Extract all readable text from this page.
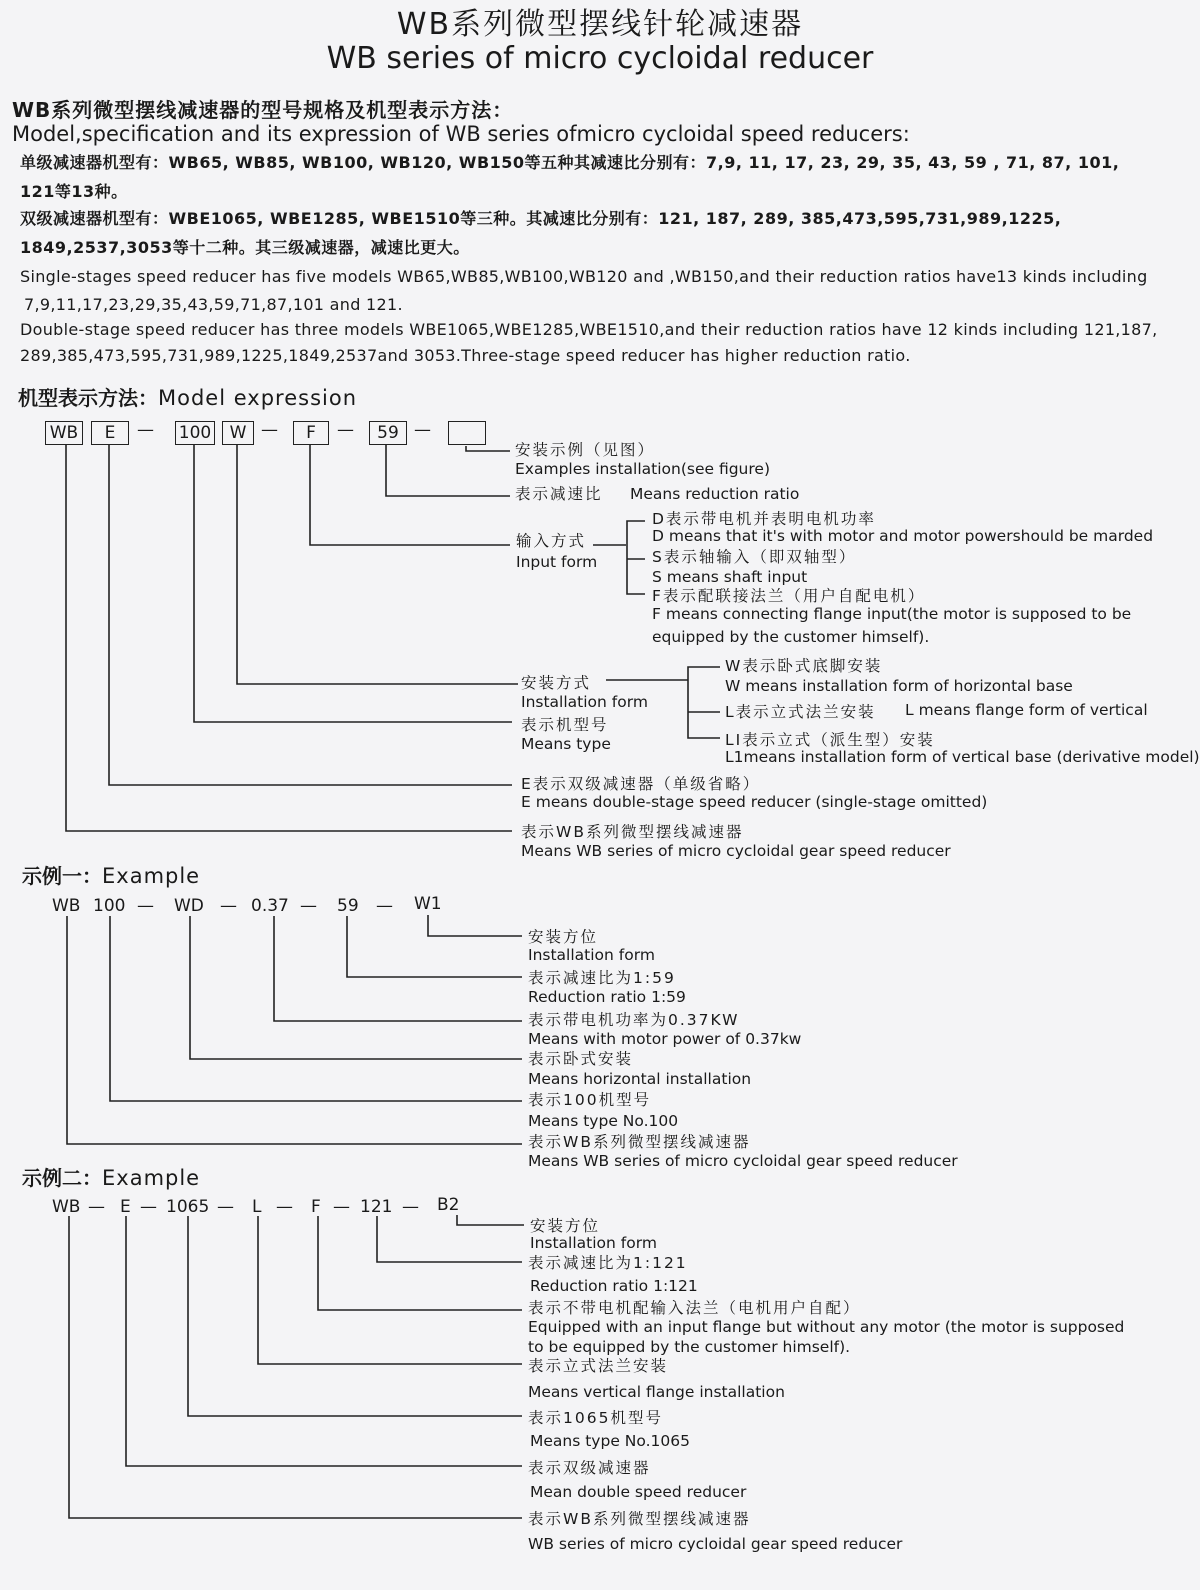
WB系列微型摆线针轮减速器
WB series of micro cycloidal reducer
WB系列微型摆线减速器的型号规格及机型表示方法：
Model,specification and its expression of WB series ofmicro cycloidal speed reducers:
单级减速器机型有：WB65, WB85, WB100, WB120, WB150等五种其减速比分别有：7,9, 11, 17, 23, 29, 35, 43, 59 , 71, 87, 101,
121等13种。
双级减速器机型有：WBE1065, WBE1285, WBE1510等三种。其减速比分别有：121, 187, 289, 385,473,595,731,989,1225,
1849,2537,3053等十二种。其三级减速器，减速比更大。
Single-stages speed reducer has five models WB65,WB85,WB100,WB120 and ,WB150,and their reduction ratios have13 kinds including
7,9,11,17,23,29,35,43,59,71,87,101 and 121.
Double-stage speed reducer has three models WBE1065,WBE1285,WBE1510,and their reduction ratios have 12 kinds including 121,187,
289,385,473,595,731,989,1225,1849,2537and 3053.Three-stage speed reducer has higher reduction ratio.
机型表示方法：Model expression
WB	E	— 100	W —	F	—	59 —
安装示例（见图）
Examples installation(see figure)
表示减速比 Means reduction ratio
输入方式
Input form
D表示带电机并表明电机功率
D means that it's with motor and motor powershould be marded
S表示轴输入（即双轴型）
S means shaft input
F表示配联接法兰（用户自配电机）
F means connecting flange input(the motor is supposed to be
equipped by the customer himself).
安装方式
Installation form
表示机型号
Means type
W表示卧式底脚安装
W means installation form of horizontal base
L表示立式法兰安装 L means flange form of vertical
LI表示立式（派生型）安装
L1means installation form of vertical base (derivative model)
E表示双级减速器（单级省略）
E means double-stage speed reducer (single-stage omitted)
表示WB系列微型摆线减速器
Means WB series of micro cycloidal gear speed reducer
示例一：Example
WB 100 — WD — 0.37 — 59 — W1
安装方位
Installation form
表示减速比为1:59
Reduction ratio 1:59
表示带电机功率为0.37KW
Means with motor power of 0.37kw
表示卧式安装
Means horizontal installation
表示100机型号
Means type No.100
表示WB系列微型摆线减速器
Means WB series of micro cycloidal gear speed reducer
示例二：Example
WB — E — 1065 — L — F — 121 — B2
安装方位
Installation form
表示减速比为1:121
Reduction ratio 1:121
表示不带电机配输入法兰（电机用户自配）
Equipped with an input flange but without any motor (the motor is supposed
to be equipped by the customer himself).
表示立式法兰安装
Means vertical flange installation
表示1065机型号
Means type No.1065
表示双级减速器
Mean double speed reducer
表示WB系列微型摆线减速器
WB series of micro cycloidal gear speed reducer
